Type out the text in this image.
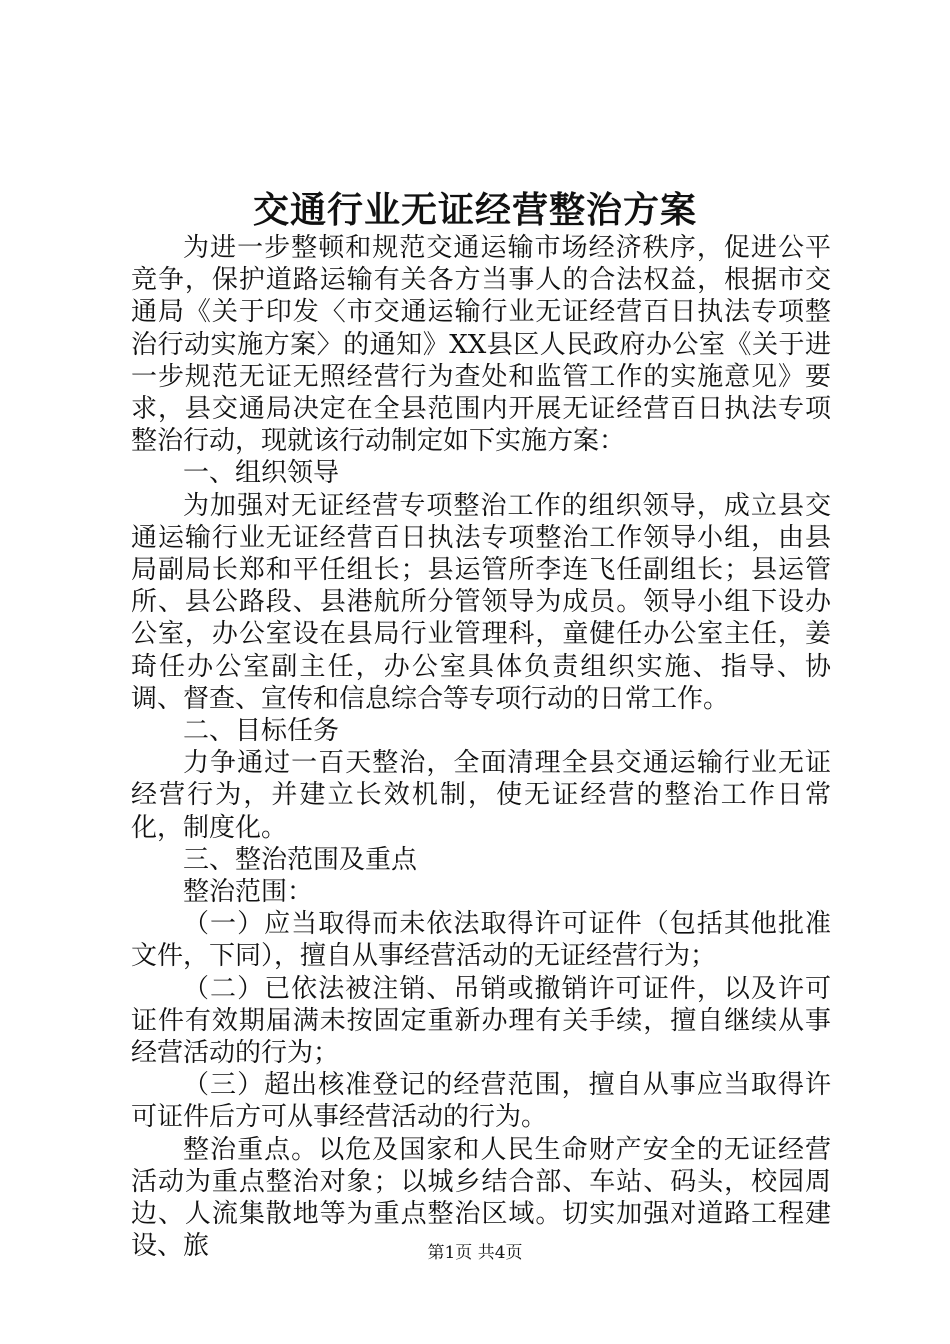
交通行业无证经营整治方案

为进一步整顿和规范交通运输市场经济秩序，促进公平竞争，保护道路运输有关各方当事人的合法权益，根据市交通局《关于印发〈市交通运输行业无证经营百日执法专项整治行动实施方案〉的通知》XX县区人民政府办公室《关于进一步规范无证无照经营行为查处和监管工作的实施意见》要求，县交通局决定在全县范围内开展无证经营百日执法专项整治行动，现就该行动制定如下实施方案：

一、组织领导

为加强对无证经营专项整治工作的组织领导，成立县交通运输行业无证经营百日执法专项整治工作领导小组，由县局副局长郑和平任组长；县运管所李连飞任副组长；县运管所、县公路段、县港航所分管领导为成员。领导小组下设办公室，办公室设在县局行业管理科，童健任办公室主任，姜琦任办公室副主任，办公室具体负责组织实施、指导、协调、督查、宣传和信息综合等专项行动的日常工作。

二、目标任务

力争通过一百天整治，全面清理全县交通运输行业无证经营行为，并建立长效机制，使无证经营的整治工作日常化，制度化。

三、整治范围及重点

整治范围：

（一）应当取得而未依法取得许可证件（包括其他批准文件，下同），擅自从事经营活动的无证经营行为；

（二）已依法被注销、吊销或撤销许可证件，以及许可证件有效期届满未按固定重新办理有关手续，擅自继续从事经营活动的行为；

（三）超出核准登记的经营范围，擅自从事应当取得许可证件后方可从事经营活动的行为。

整治重点。以危及国家和人民生命财产安全的无证经营活动为重点整治对象；以城乡结合部、车站、码头，校园周边、人流集散地等为重点整治区域。切实加强对道路工程建设、旅	第1页 共4页
